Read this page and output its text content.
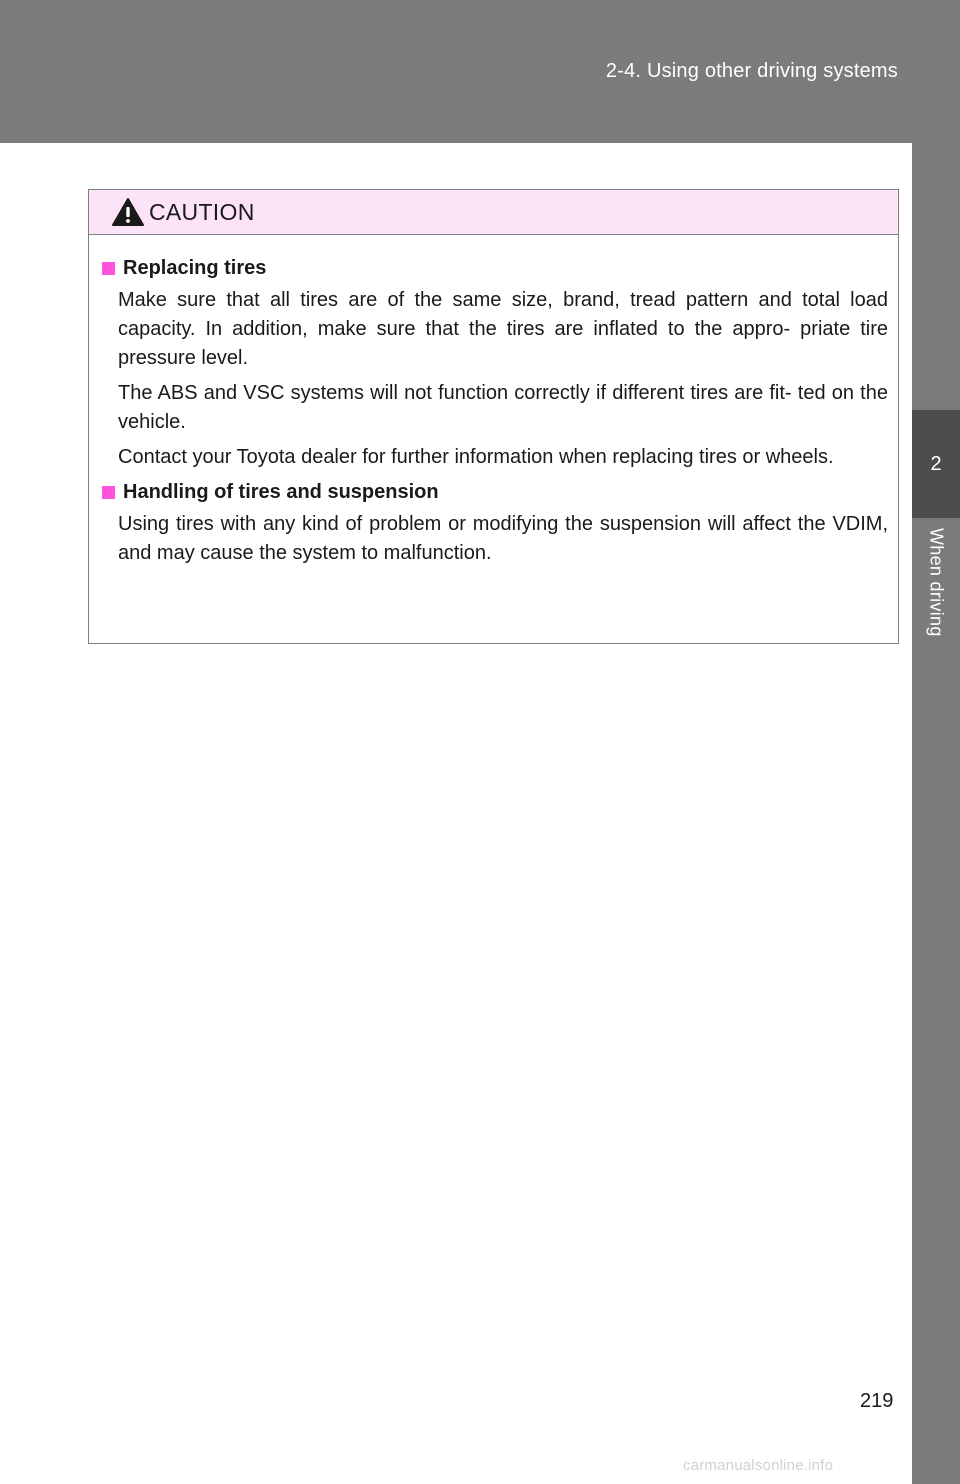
2-4. Using other driving systems
2
When driving
CAUTION
Replacing tires

Make sure that all tires are of the same size, brand, tread pattern and total load capacity. In addition, make sure that the tires are inflated to the appro- priate tire pressure level.

The ABS and VSC systems will not function correctly if different tires are fit- ted on the vehicle.

Contact your Toyota dealer for further information when replacing tires or wheels.

Handling of tires and suspension

Using tires with any kind of problem or modifying the suspension will affect the VDIM, and may cause the system to malfunction.

219
carmanualsonline.info
